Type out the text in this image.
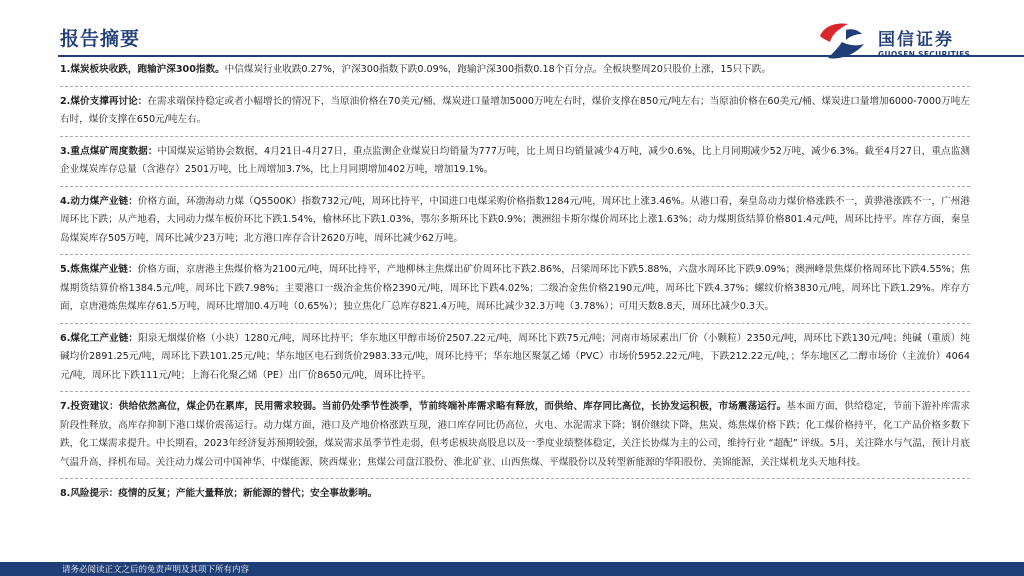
报告摘要	国信证券
GUOSEN SECURITIES

1.煤炭板块收跌，跑输沪深300指数。中信煤炭行业收跌0.27%，沪深300指数下跌0.09%，跑输沪深300指数0.18个百分点。全板块整周20只股价上涨，15只下跌。

2.煤价支撑再讨论：在需求端保持稳定或者小幅增长的情况下，当原油价格在70美元/桶、煤炭进口量增加5000万吨左右时，煤价支撑在850元/吨左右；当原油价格在60美元/桶、煤炭进口量增加6000-7000万吨左右时，煤价支撑在650元/吨左右。

3.重点煤矿周度数据：中国煤炭运销协会数据，4月21日-4月27日，重点监测企业煤炭日均销量为777万吨，比上周日均销量减少4万吨，减少0.6%，比上月同期减少52万吨，减少6.3%。截至4月27日，重点监测企业煤炭库存总量（含港存）2501万吨，比上周增加3.7%，比上月同期增加402万吨，增加19.1%。

4.动力煤产业链：价格方面，环渤海动力煤（Q5500K）指数732元/吨，周环比持平，中国进口电煤采购价格指数1284元/吨，周环比上涨3.46%。从港口看，秦皇岛动力煤价格涨跌不一，黄骅港涨跌不一，广州港周环比下跌；从产地看，大同动力煤车板价环比下跌1.54%，榆林环比下跌1.03%，鄂尔多斯环比下跌0.9%；澳洲纽卡斯尔煤价周环比上涨1.63%；动力煤期货结算价格801.4元/吨，周环比持平。库存方面，秦皇岛煤炭库存505万吨，周环比减少23万吨；北方港口库存合计2620万吨，周环比减少62万吨。

5.炼焦煤产业链：价格方面，京唐港主焦煤价格为2100元/吨，周环比持平，产地柳林主焦煤出矿价周环比下跌2.86%，吕梁周环比下跌5.88%，六盘水周环比下跌9.09%；澳洲峰景焦煤价格周环比下跌4.55%；焦煤期货结算价格1384.5元/吨，周环比下跌7.98%；主要港口一级冶金焦价格2390元/吨，周环比下跌4.02%；二级冶金焦价格2190元/吨，周环比下跌4.37%；螺纹价格3830元/吨，周环比下跌1.29%。库存方面，京唐港炼焦煤库存61.5万吨，周环比增加0.4万吨（0.65%）；独立焦化厂总库存821.4万吨，周环比减少32.3万吨（3.78%）；可用天数8.8天，周环比减少0.3天。

6.煤化工产业链：阳泉无烟煤价格（小块）1280元/吨，周环比持平；华东地区甲醇市场价2507.22元/吨，周环比下跌75元/吨；河南市场尿素出厂价（小颗粒）2350元/吨，周环比下跌130元/吨；纯碱（重质）纯碱均价2891.25元/吨，周环比下跌101.25元/吨；华东地区电石到货价2983.33元/吨，周环比持平；华东地区聚氯乙烯（PVC）市场价5952.22元/吨，下跌212.22元/吨，；华东地区乙二醇市场价（主流价）4064元/吨，周环比下跌111元/吨；上海石化聚乙烯（PE）出厂价8650元/吨，周环比持平。

7.投资建议：供给依然高位，煤企仍在累库，民用需求较弱。当前仍处季节性淡季，节前终端补库需求略有释放，而供给、库存同比高位，长协发运积极，市场震荡运行。基本面方面，供给稳定，节前下游补库需求阶段性释放，高库存抑制下港口煤价震荡运行。动力煤方面，港口及产地价格涨跌互现，港口库存同比仍高位，火电、水泥需求下降；钢价继续下降，焦炭、炼焦煤价格下跌；化工煤价格持平，化工产品价格多数下跌，化工煤需求提升。中长期看，2023年经济复苏预期较强，煤炭需求虽季节性走弱，但考虑板块高股息以及一季度业绩整体稳定，关注长协煤为主的公司，维持行业 “超配” 评级。5月，关注降水与气温，预计月底气温升高，择机布局。关注动力煤公司中国神华、中煤能源、陕西煤业；焦煤公司盘江股份、淮北矿业、山西焦煤、平煤股份以及转型新能源的华阳股份、美锦能源，关注煤机龙头天地科技。

8.风险提示：疫情的反复；产能大量释放；新能源的替代；安全事故影响。

请务必阅读正文之后的免责声明及其项下所有内容
